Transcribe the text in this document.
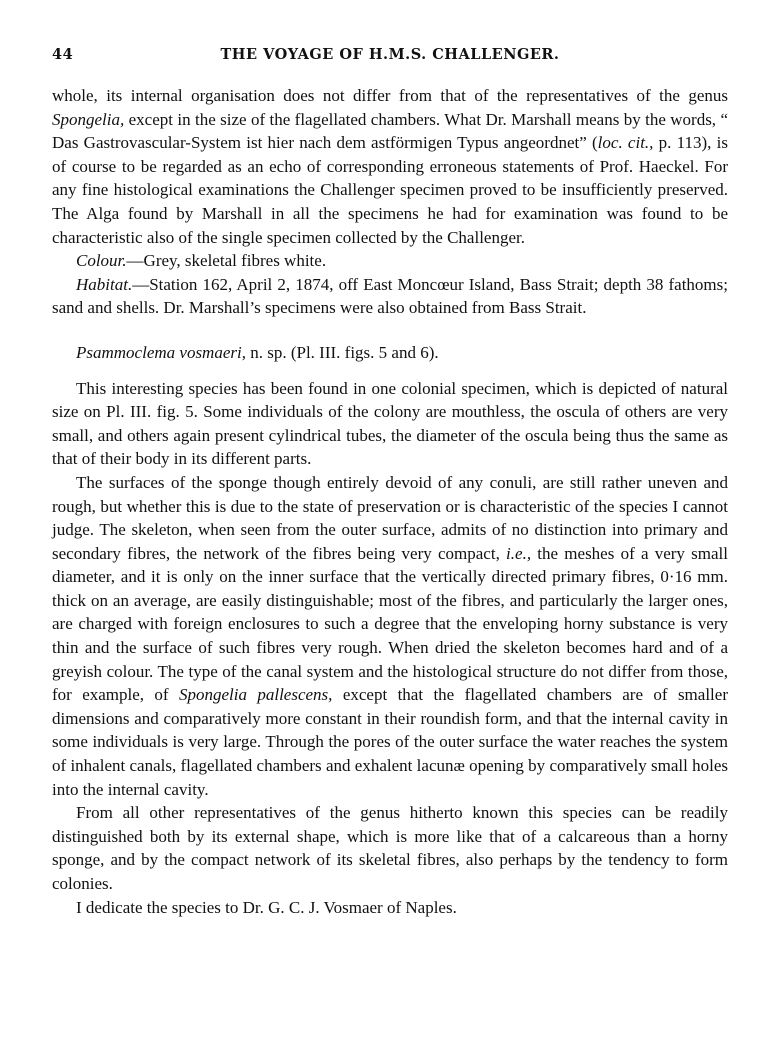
44	THE VOYAGE OF H.M.S. CHALLENGER.

whole, its internal organisation does not differ from that of the representatives of the genus Spongelia, except in the size of the flagellated chambers. What Dr. Marshall means by the words, “ Das Gastrovascular-System ist hier nach dem astförmigen Typus angeordnet” (loc. cit., p. 113), is of course to be regarded as an echo of corresponding erroneous statements of Prof. Haeckel. For any fine histological examinations the Challenger specimen proved to be insufficiently preserved. The Alga found by Marshall in all the specimens he had for examination was found to be characteristic also of the single specimen collected by the Challenger.

Colour.—Grey, skeletal fibres white.

Habitat.—Station 162, April 2, 1874, off East Moncœur Island, Bass Strait; depth 38 fathoms; sand and shells. Dr. Marshall’s specimens were also obtained from Bass Strait.

Psammoclema vosmaeri, n. sp. (Pl. III. figs. 5 and 6).

This interesting species has been found in one colonial specimen, which is depicted of natural size on Pl. III. fig. 5. Some individuals of the colony are mouthless, the oscula of others are very small, and others again present cylindrical tubes, the diameter of the oscula being thus the same as that of their body in its different parts.

The surfaces of the sponge though entirely devoid of any conuli, are still rather uneven and rough, but whether this is due to the state of preservation or is characteristic of the species I cannot judge. The skeleton, when seen from the outer surface, admits of no distinction into primary and secondary fibres, the network of the fibres being very compact, i.e., the meshes of a very small diameter, and it is only on the inner surface that the vertically directed primary fibres, 0·16 mm. thick on an average, are easily distinguishable; most of the fibres, and particularly the larger ones, are charged with foreign enclosures to such a degree that the enveloping horny substance is very thin and the surface of such fibres very rough. When dried the skeleton becomes hard and of a greyish colour. The type of the canal system and the histological structure do not differ from those, for example, of Spongelia pallescens, except that the flagellated chambers are of smaller dimensions and comparatively more constant in their roundish form, and that the internal cavity in some individuals is very large. Through the pores of the outer surface the water reaches the system of inhalent canals, flagellated chambers and exhalent lacunæ opening by comparatively small holes into the internal cavity.

From all other representatives of the genus hitherto known this species can be readily distinguished both by its external shape, which is more like that of a calcareous than a horny sponge, and by the compact network of its skeletal fibres, also perhaps by the tendency to form colonies.

I dedicate the species to Dr. G. C. J. Vosmaer of Naples.
